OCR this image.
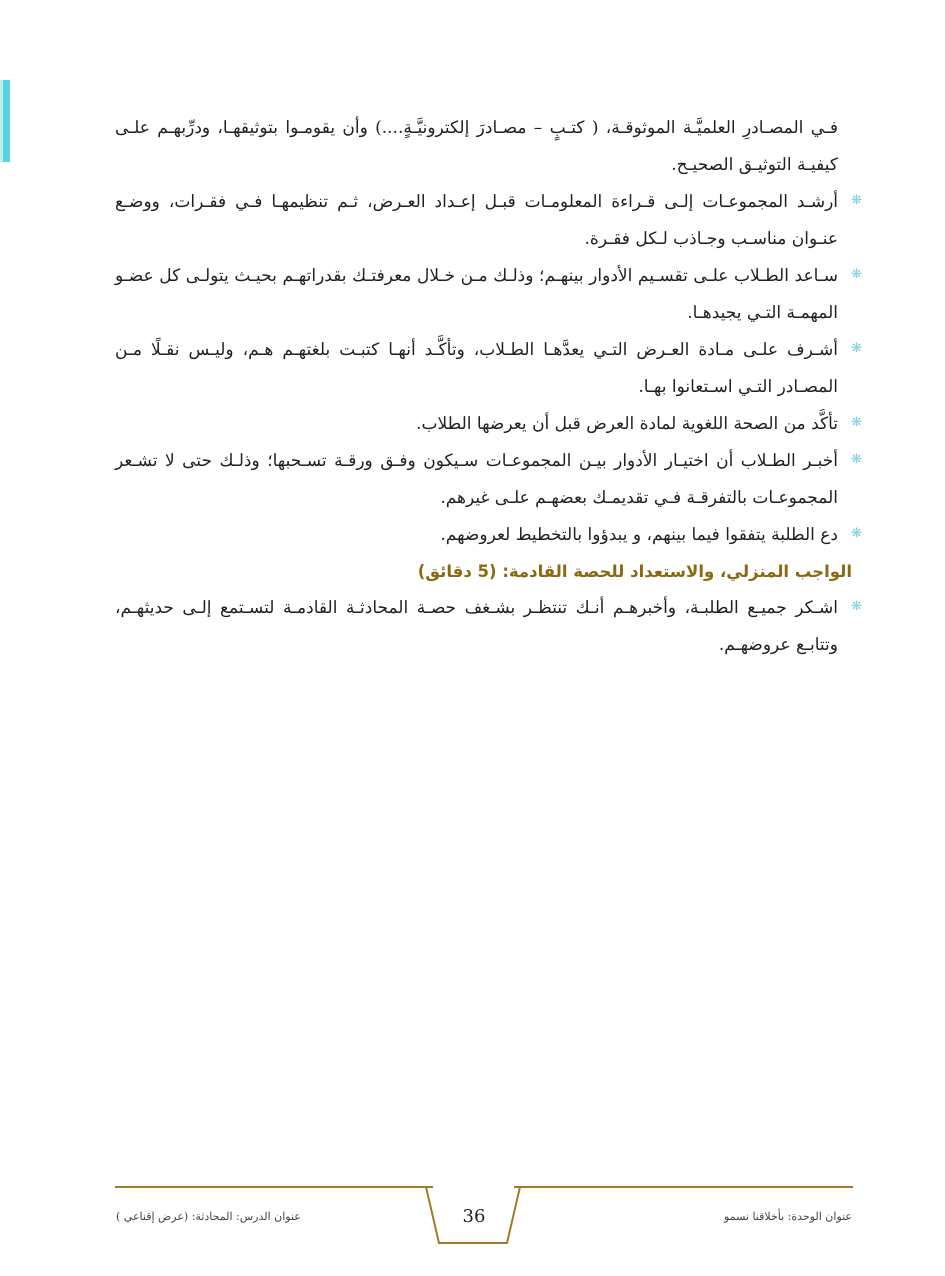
فـي المصـادرِ العلميَّـة الموثوقـة، ( كتـبٍ – مصـادرَ إلكترونيَّـةٍ....) وأن يقومـوا بتوثيقهـا، ودرِّبهـم علـى كيفيـة التوثيـق الصحيـح.

❋
أرشـد المجموعـات إلـى قـراءة المعلومـات قبـل إعـداد العـرض، ثـم تنظيمهـا فـي فقـرات، ووضـع عنـوان مناسـب وجـاذب لـكل فقـرة.
❋
سـاعد الطـلاب علـى تقسـيم الأدوار بينهـم؛ وذلـك مـن خـلال معرفتـك بقدراتهـم بحيـث يتولـى كل عضـو المهمـة التـي يجيدهـا.
❋
أشـرف علـى مـادة العـرض التـي يعدَّهـا الطـلاب، وتأكَّـد أنهـا كتبـت بلغتهـم هـم، وليـس نقـلًا مـن المصـادر التـي اسـتعانوا بهـا.
❋
تأكَّد من الصحة اللغوية لمادة العرض قبل أن يعرضها الطلاب.
❋
أخبـر الطـلاب أن اختيـار الأدوار بيـن المجموعـات سـيكون وفـق ورقـة تسـحبها؛ وذلـك حتى لا تشـعر المجموعـات بالتفرقـة فـي تقديمـك بعضهـم علـى غيرهم.
❋
دع الطلبة يتفقوا فيما بينهم، و يبدؤوا بالتخطيط لعروضهم.
الواجب المنزلي، والاستعداد للحصة القادمة: (5 دقائق)
❋
اشـكر جميـع الطلبـة، وأخبرهـم أنـك تنتظـر بشـغف حصـة المحادثـة القادمـة لتسـتمع إلـى حديثهـم، وتتابـع عروضهـم.
36	عنوان الوحدة: بأخلاقنا نسمو
عنوان الدرس: المحادثة: (عرض إقناعي )
